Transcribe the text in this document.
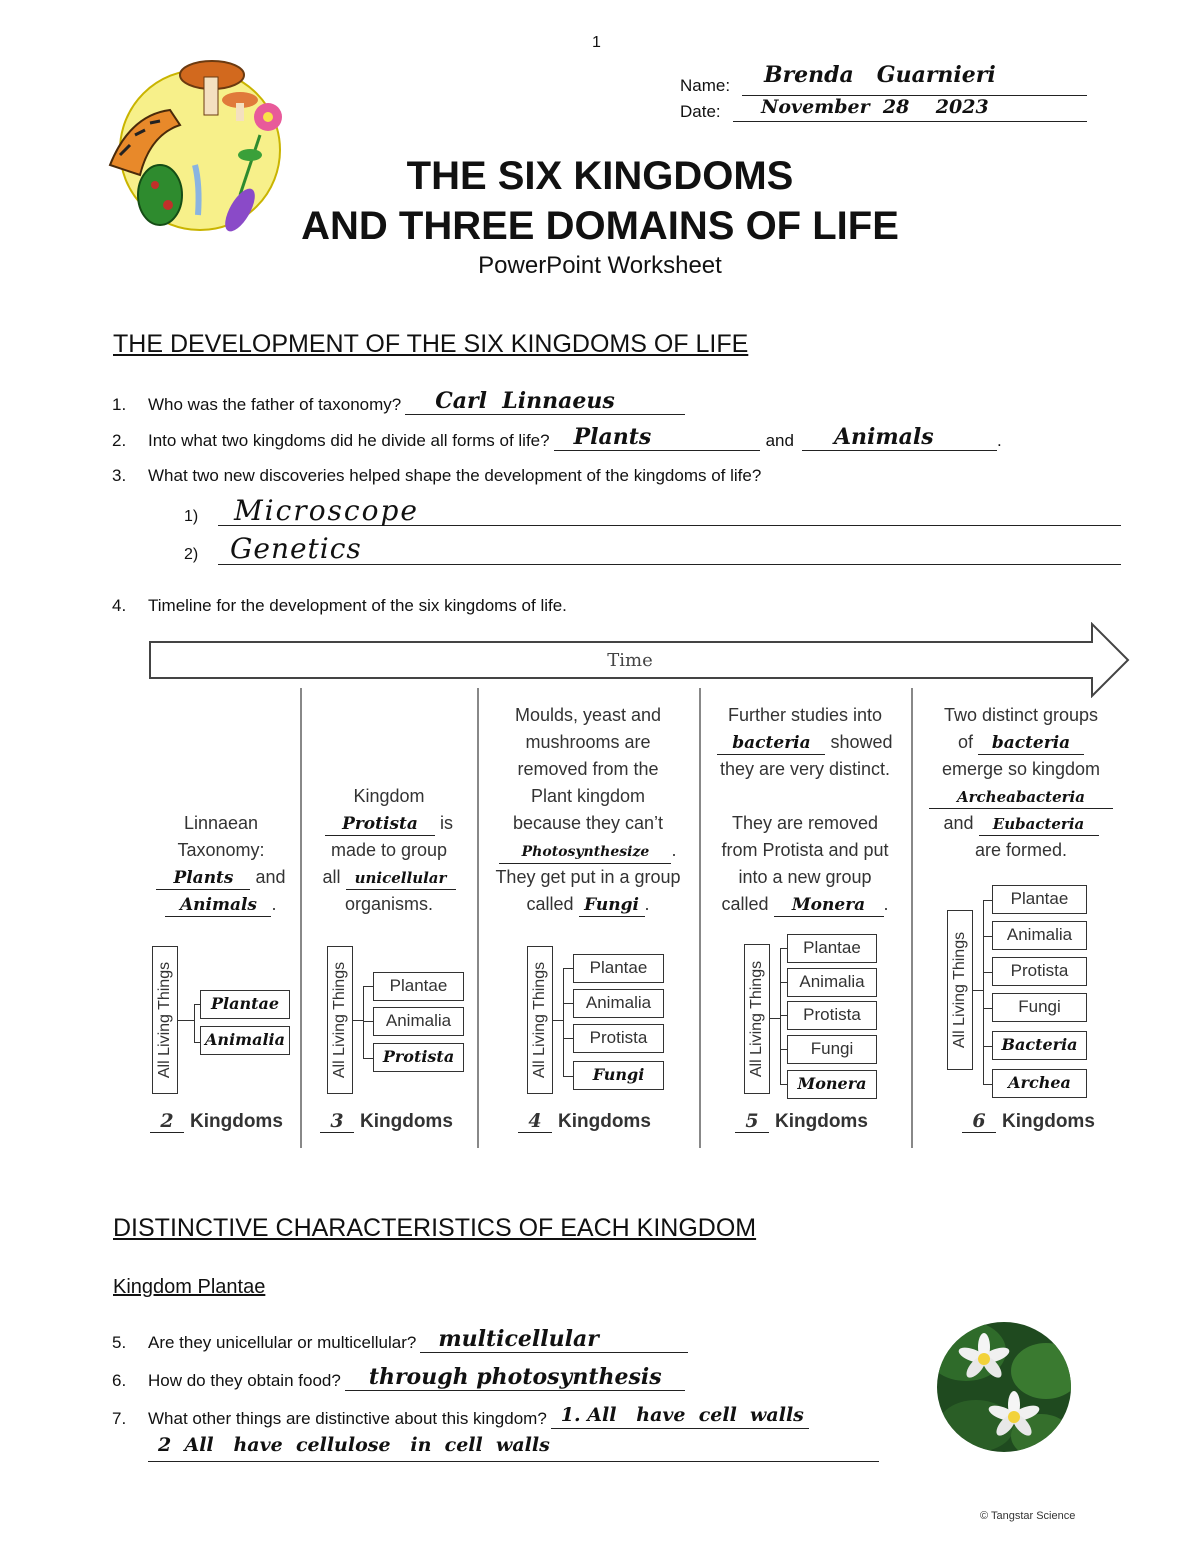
1
Name:	Brenda   Guarnieri
Date:	November  28    2023
THE SIX KINGDOMS
AND THREE DOMAINS OF LIFE
PowerPoint Worksheet
THE DEVELOPMENT OF THE SIX KINGDOMS OF LIFE
1.	Who was the father of taxonomy?	Carl  Linnaeus
2.	Into what two kingdoms did he divide all forms of life?	Plants	and	Animals	.
3.	What two new discoveries helped shape the development of the kingdoms of life?
1)	Microscope
2)	Genetics
4.	Timeline for the development of the six kingdoms of life.
Time
Linnaean
Taxonomy:
Plants and
Animals .
All Living Things	Plantae
Animalia
2 Kingdoms
Kingdom
Protista is
made to group
all unicellular
organisms.
All Living Things	Plantae
Animalia
Protista
3 Kingdoms
Moulds, yeast and
mushrooms are
removed from the
Plant kingdom
because they can’t
Photosynthesize .
They get put in a group
called Fungi .
All Living Things	Plantae
Animalia
Protista
Fungi
4 Kingdoms
Further studies into
bacteria showed
they are very distinct.
They are removed
from Protista and put
into a new group
called Monera .
All Living Things
Plantae
Animalia
Protista
Fungi
Monera
5 Kingdoms
Two distinct groups
of bacteria
emerge so kingdom
Archeabacteria
and Eubacteria
are formed.
All Living Things
Plantae
Animalia
Protista
Fungi
Bacteria
Archea
6 Kingdoms
DISTINCTIVE CHARACTERISTICS OF EACH KINGDOM
Kingdom Plantae
5.	Are they unicellular or multicellular?	multicellular
6.	How do they obtain food?	through photosynthesis
7.	What other things are distinctive about this kingdom? 1. All   have  cell  walls
2  All   have  cellulose   in  cell  walls
© Tangstar Science
